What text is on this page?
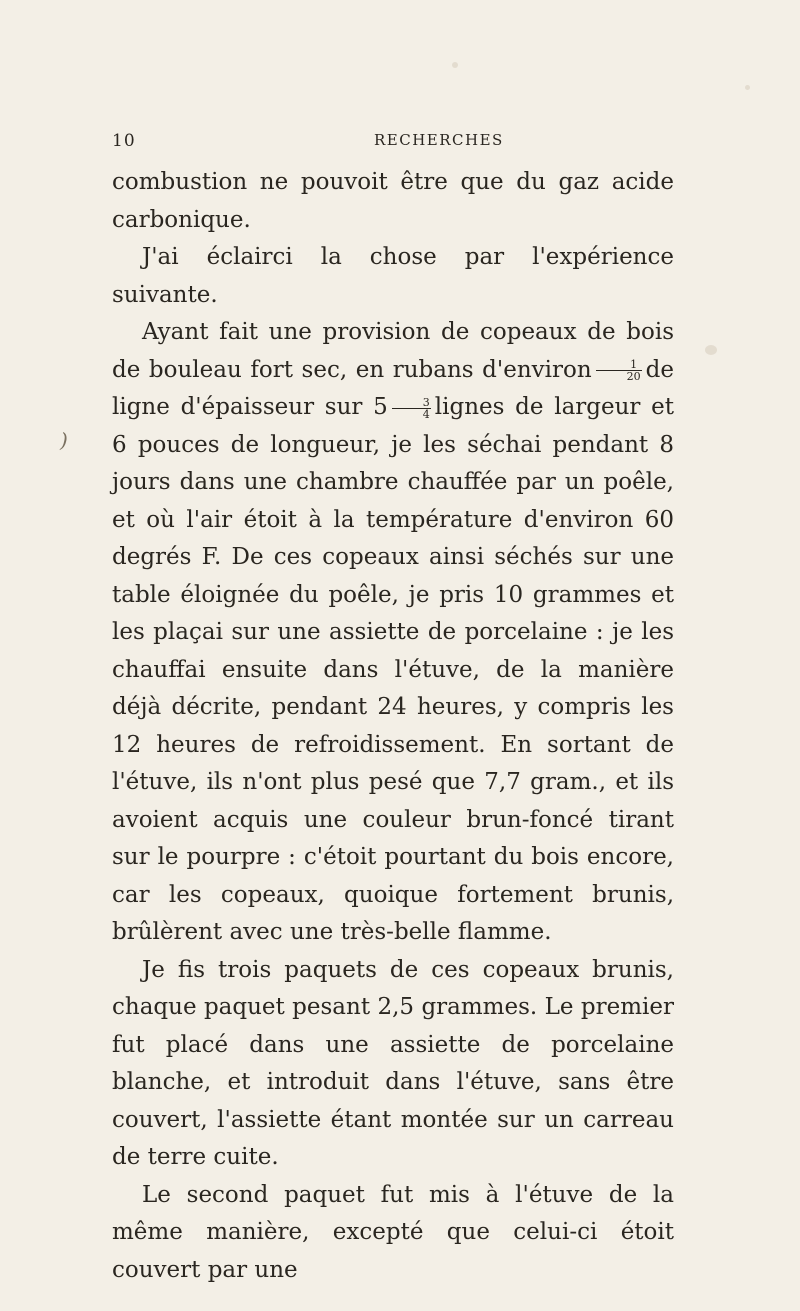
)
10	RECHERCHES

combustion ne pouvoit être que du gaz acide carbonique.

J'ai éclairci la chose par l'expérience suivante.

Ayant fait une provision de copeaux de bois de bouleau fort sec, en rubans d'environ $\frac{1}{20}$ de ligne d'épaisseur sur $5 \frac{3}{4}$ lignes de largeur et 6 pouces de longueur, je les séchai pendant 8 jours dans une chambre chauffée par un poêle, et où l'air étoit à la température d'environ 60 degrés F. De ces copeaux ainsi séchés sur une table éloignée du poêle, je pris 10 grammes et les plaçai sur une assiette de porcelaine : je les chauffai ensuite dans l'étuve, de la manière déjà décrite, pendant 24 heures, y compris les 12 heures de refroidissement. En sortant de l'étuve, ils n'ont plus pesé que 7,7 gram., et ils avoient acquis une couleur brun-foncé tirant sur le pourpre : c'étoit pourtant du bois encore, car les copeaux, quoique fortement brunis, brûlèrent avec une très-belle flamme.

Je fis trois paquets de ces copeaux brunis, chaque paquet pesant 2,5 grammes. Le premier fut placé dans une assiette de porcelaine blanche, et introduit dans l'étuve, sans être couvert, l'assiette étant montée sur un carreau de terre cuite.

Le second paquet fut mis à l'étuve de la même manière, excepté que celui-ci étoit couvert par une
